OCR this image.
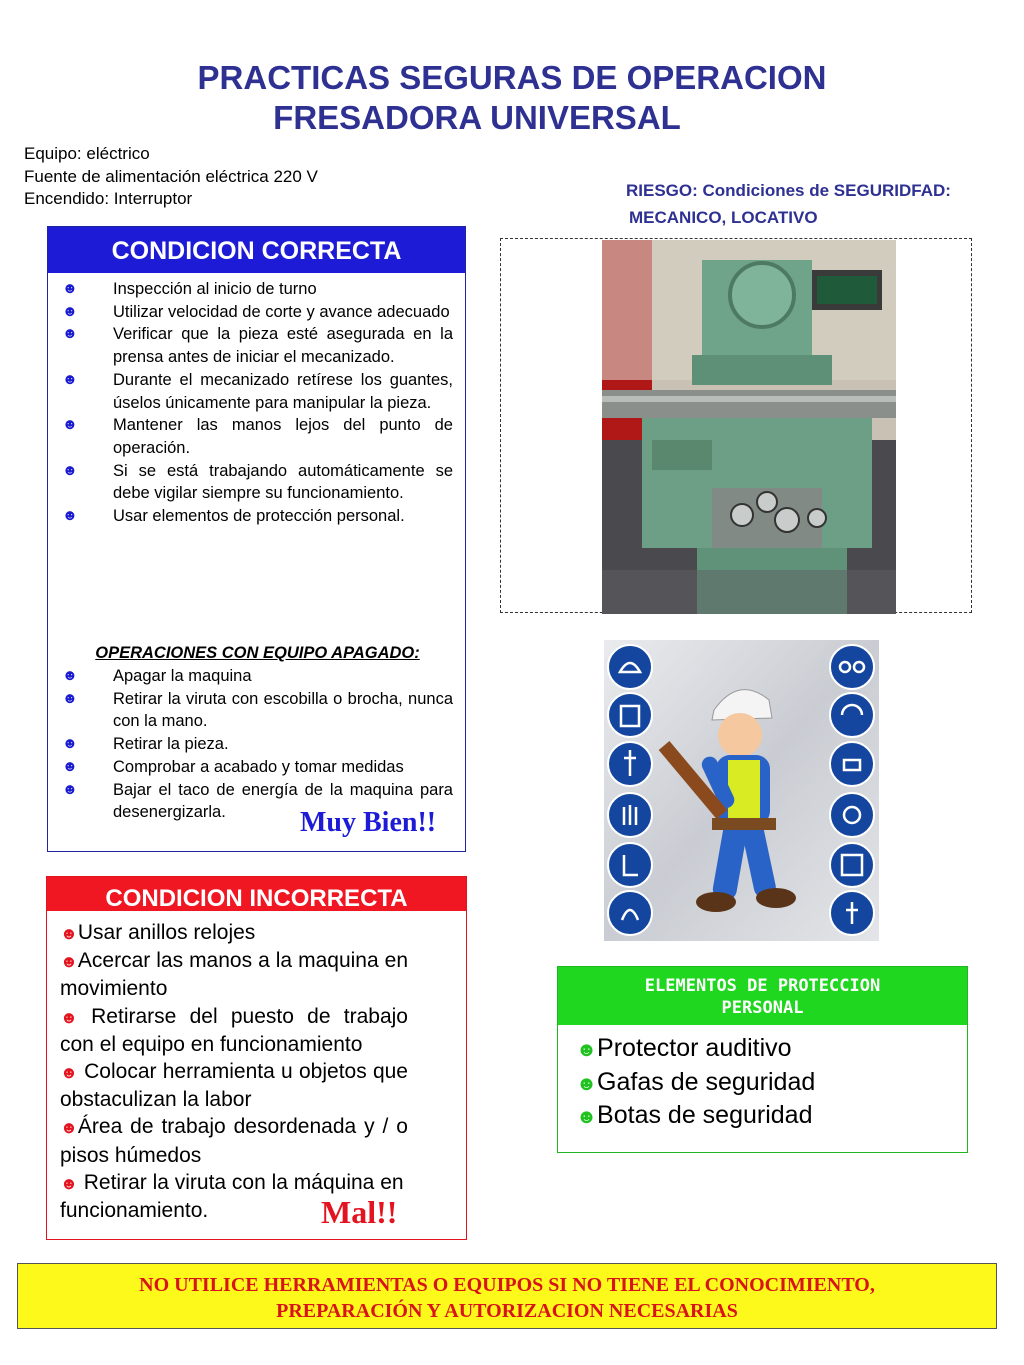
PRACTICAS SEGURAS DE OPERACION
FRESADORA UNIVERSAL
Equipo: eléctrico
Fuente de alimentación eléctrica 220 V
Encendido: Interruptor	RIESGO: Condiciones de SEGURIDFAD:
MECANICO, LOCATIVO
CONDICION CORRECTA
☻ Inspección al inicio de turno
☻ Utilizar velocidad de corte y avance adecuado
☻ Verificar que la pieza esté asegurada en la prensa antes de iniciar el mecanizado.
☻ Durante el mecanizado retírese los guantes, úselos únicamente para manipular la pieza.
☻ Mantener las manos lejos del punto de operación.
☻ Si se está trabajando automáticamente se debe vigilar siempre su funcionamiento.
☻ Usar elementos de protección personal.
OPERACIONES CON EQUIPO APAGADO:
☻ Apagar la maquina
☻ Retirar la viruta con escobilla o brocha, nunca con la mano.
☻ Retirar la pieza.
☻ Comprobar a acabado y tomar medidas
☻ Bajar el taco de energía de la maquina para desenergizarla.	Muy Bien!!
CONDICION INCORRECTA
☻Usar anillos relojes
☻Acercar las manos a la maquina en movimiento
☻ Retirarse del puesto de trabajo con el equipo en funcionamiento
☻ Colocar herramienta u objetos que obstaculizan la labor
☻Área de trabajo desordenada y / o pisos húmedos
☻ Retirar la viruta con la máquina en funcionamiento.	Mal!!
ELEMENTOS DE PROTECCION
PERSONAL
☻Protector auditivo
☻Gafas de seguridad
☻Botas de seguridad
NO UTILICE HERRAMIENTAS O EQUIPOS SI NO TIENE EL CONOCIMIENTO,
PREPARACIÓN Y AUTORIZACION NECESARIAS
